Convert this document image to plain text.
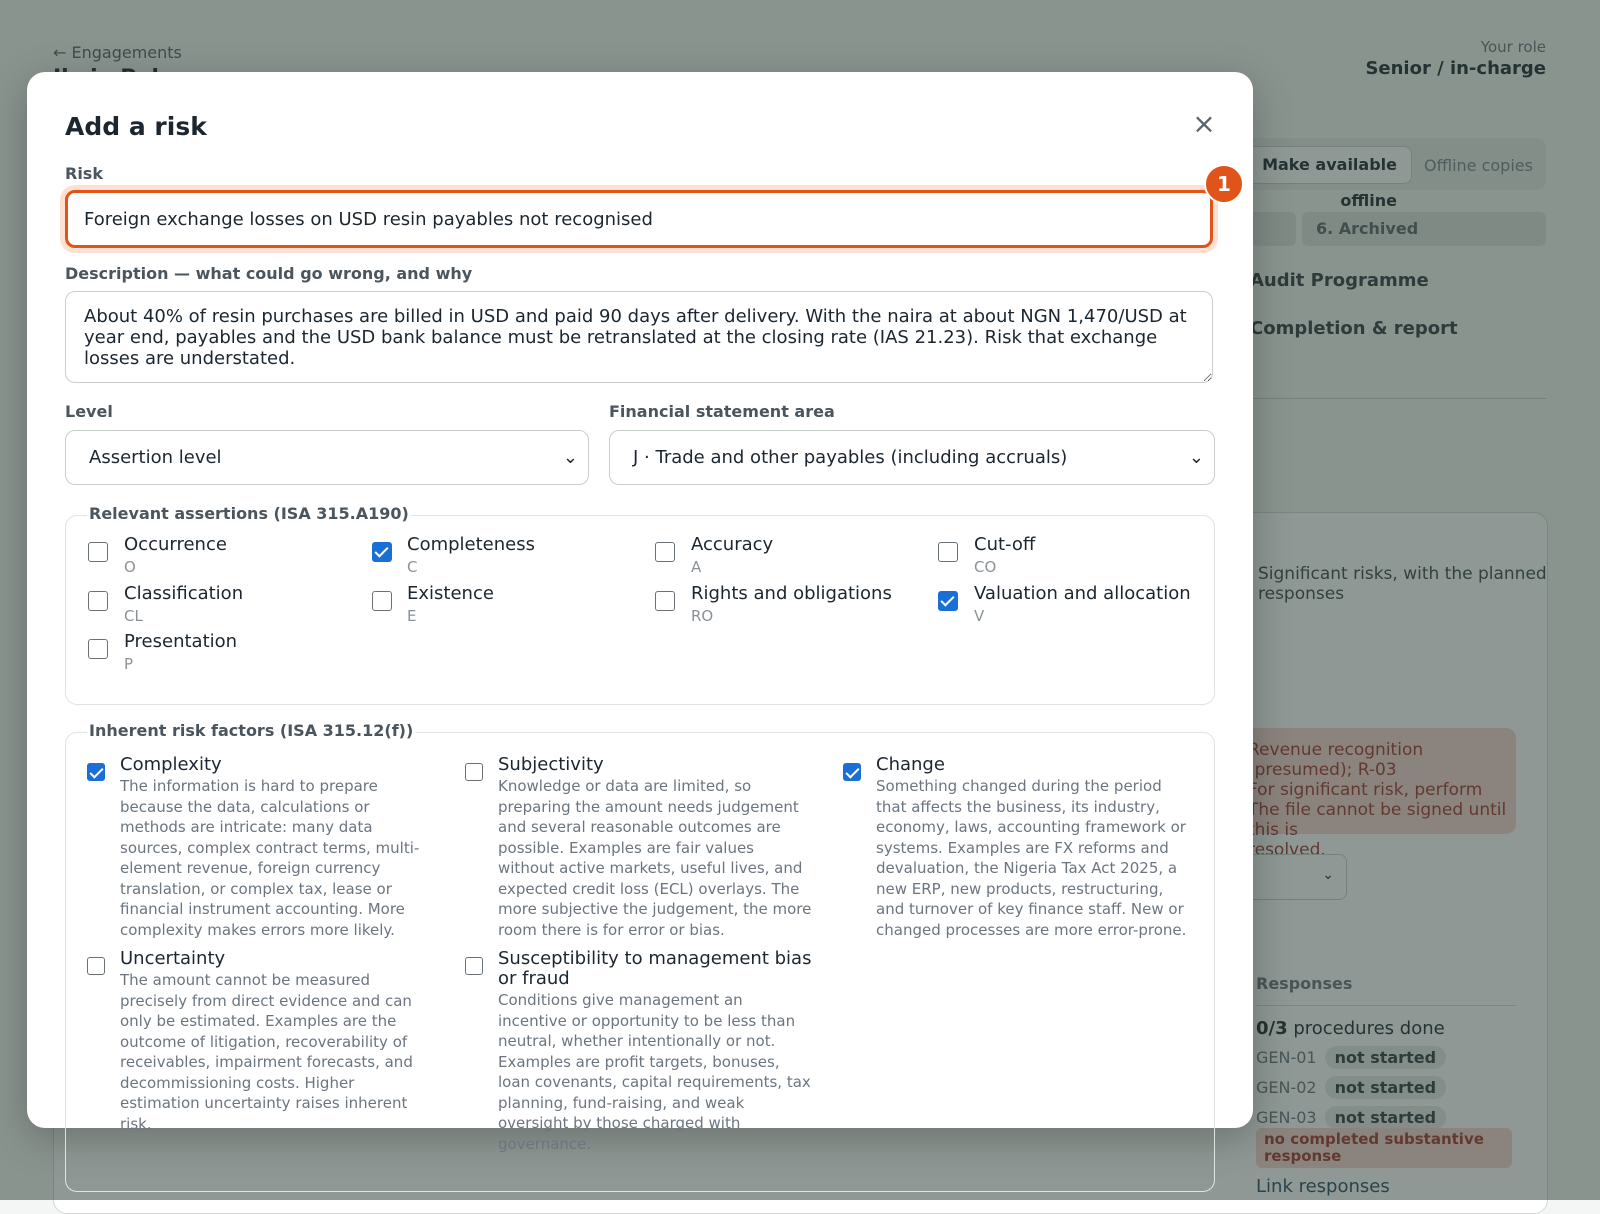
Add a risk	×
Risk
Foreign exchange losses on USD resin payables not recognised	1
Description — what could go wrong, and why
About 40% of resin purchases are billed in USD and paid 90 days after delivery. With the naira at about NGN 1,470/USD at year end, payables and the USD bank balance must be retranslated at the closing rate (IAS 21.23). Risk that exchange losses are understated.
Level
Assertion level	⌄
Financial statement area
J · Trade and other payables (including accruals)	⌄
Relevant assertions (ISA 315.A190)
Occurrence
O
Completeness
C
Accuracy
A
Cut-off
CO
Classification
CL
Existence
E
Rights and obligations
RO
Valuation and allocation
V
Presentation
P
Inherent risk factors (ISA 315.12(f))
Complexity
The information is hard to prepare
because the data, calculations or
methods are intricate: many data
sources, complex contract terms, multi-
element revenue, foreign currency
translation, or complex tax, lease or
financial instrument accounting. More
complexity makes errors more likely.
Subjectivity
Knowledge or data are limited, so
preparing the amount needs judgement
and several reasonable outcomes are
possible. Examples are fair values
without active markets, useful lives, and
expected credit loss (ECL) overlays. The
more subjective the judgement, the more
room there is for error or bias.
Change
Something changed during the period
that affects the business, its industry,
economy, laws, accounting framework or
systems. Examples are FX reforms and
devaluation, the Nigeria Tax Act 2025, a
new ERP, new products, restructuring,
and turnover of key finance staff. New or
changed processes are more error-prone.
Uncertainty
The amount cannot be measured
precisely from direct evidence and can
only be estimated. Examples are the
outcome of litigation, recoverability of
receivables, impairment forecasts, and
decommissioning costs. Higher
estimation uncertainty raises inherent
risk.
Susceptibility to management bias or fraud
Conditions give management an
incentive or opportunity to be less than
neutral, whether intentionally or not.
Examples are profit targets, bonuses,
loan covenants, capital requirements, tax
planning, fund-raising, and weak
oversight by those charged with
governance.
